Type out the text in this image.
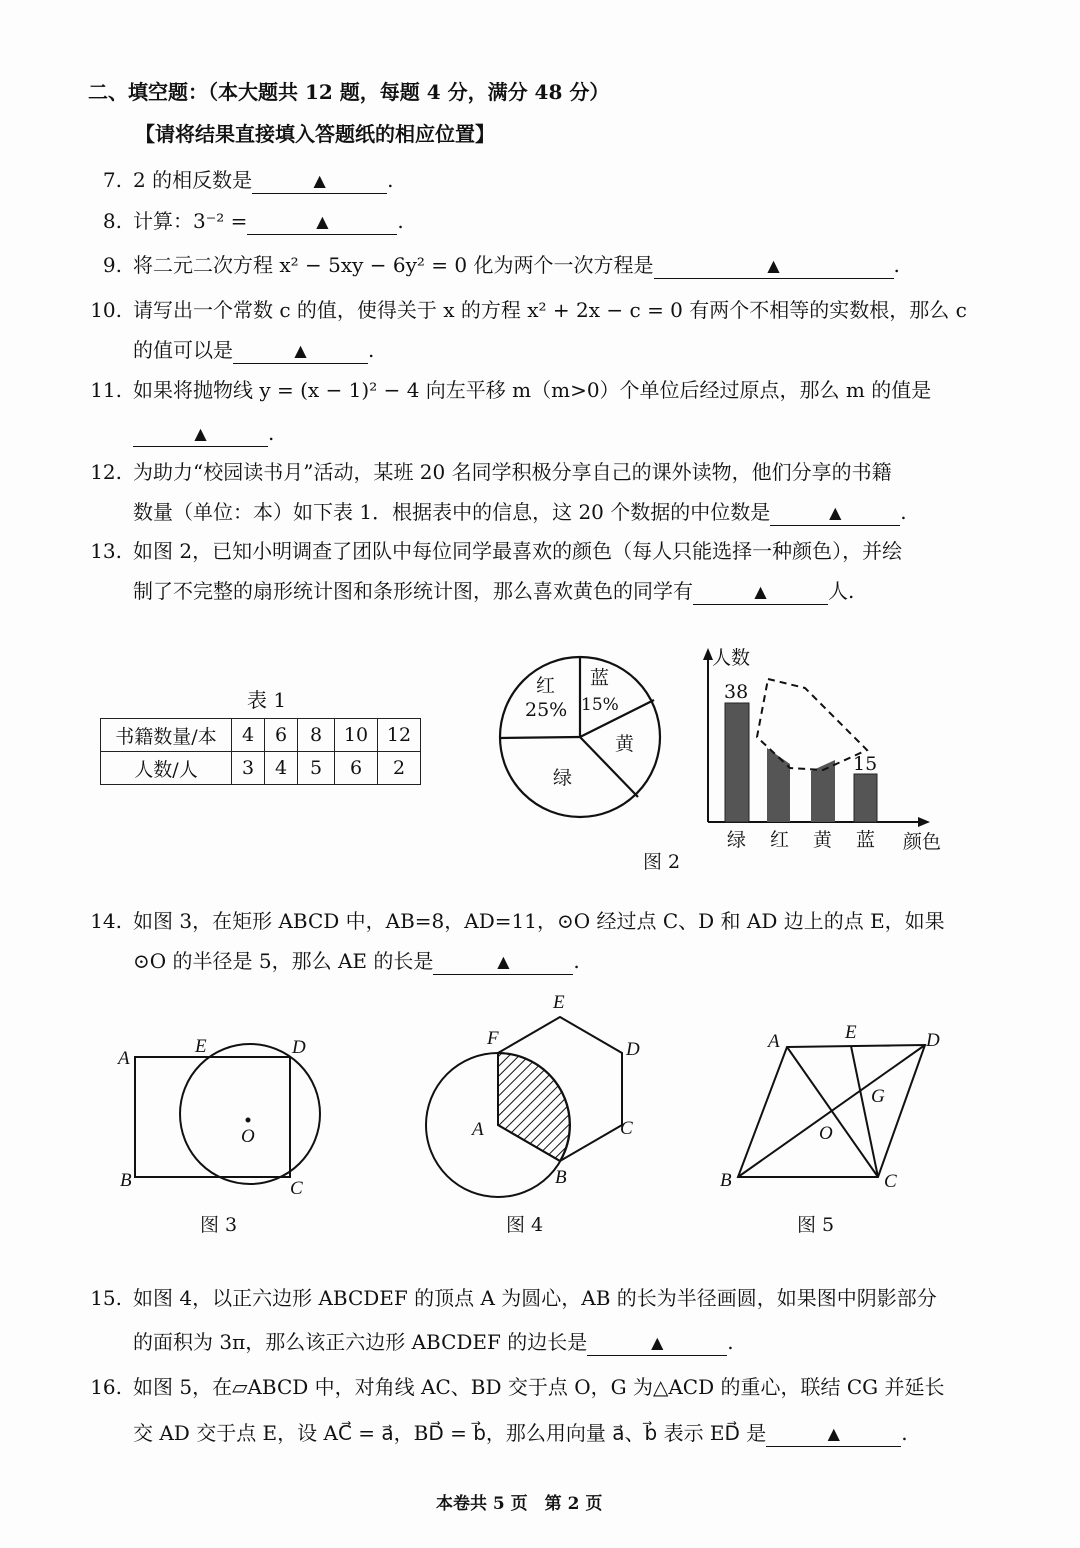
二、填空题：（本大题共 12 题，每题 4 分，满分 48 分）
【请将结果直接填入答题纸的相应位置】
7. 2 的相反数是	▲	.
8. 计算：3⁻² =	▲	.
9. 将二元二次方程 x² − 5xy − 6y² = 0 化为两个一次方程是	▲	.
10. 请写出一个常数 c 的值，使得关于 x 的方程 x² + 2x − c = 0 有两个不相等的实数根，那么 c
的值可以是	▲	.
11. 如果将抛物线 y = (x − 1)² − 4 向左平移 m（m>0）个单位后经过原点，那么 m 的值是
▲	.
12. 为助力“校园读书月”活动，某班 20 名同学积极分享自己的课外读物，他们分享的书籍
数量（单位：本）如下表 1．根据表中的信息，这 20 个数据的中位数是	▲	.
13. 如图 2，已知小明调查了团队中每位同学最喜欢的颜色（每人只能选择一种颜色），并绘
制了不完整的扇形统计图和条形统计图，那么喜欢黄色的同学有	▲	人.
14. 如图 3，在矩形 ABCD 中，AB=8，AD=11，⊙O 经过点 C、D 和 AD 边上的点 E，如果
⊙O 的半径是 5，那么 AE 的长是	▲	.
15. 如图 4，以正六边形 ABCDEF 的顶点 A 为圆心，AB 的长为半径画圆，如果图中阴影部分
的面积为 3π，那么该正六边形 ABCDEF 的边长是	▲	.
16. 如图 5，在▱ABCD 中，对角线 AC、BD 交于点 O，G 为△ACD 的重心，联结 CG 并延长
交 AD 交于点 E，设 AC⃗ = a⃗，BD⃗ = b⃗，那么用向量 a⃗、b⃗ 表示 ED⃗ 是	▲	.
表 1
书籍数量/本	4	6	8	10	12
人数/人	3	4	5	6	2
红
25%
蓝
15%
黄
绿
人数
38
15
绿 红 黄 蓝 颜色
图 2
A
E	D
B	C
O
图 3
A
B
C
D
E
F
图 4
A	E	D
G
O
B	C
图 5
本卷共 5 页　第 2 页
